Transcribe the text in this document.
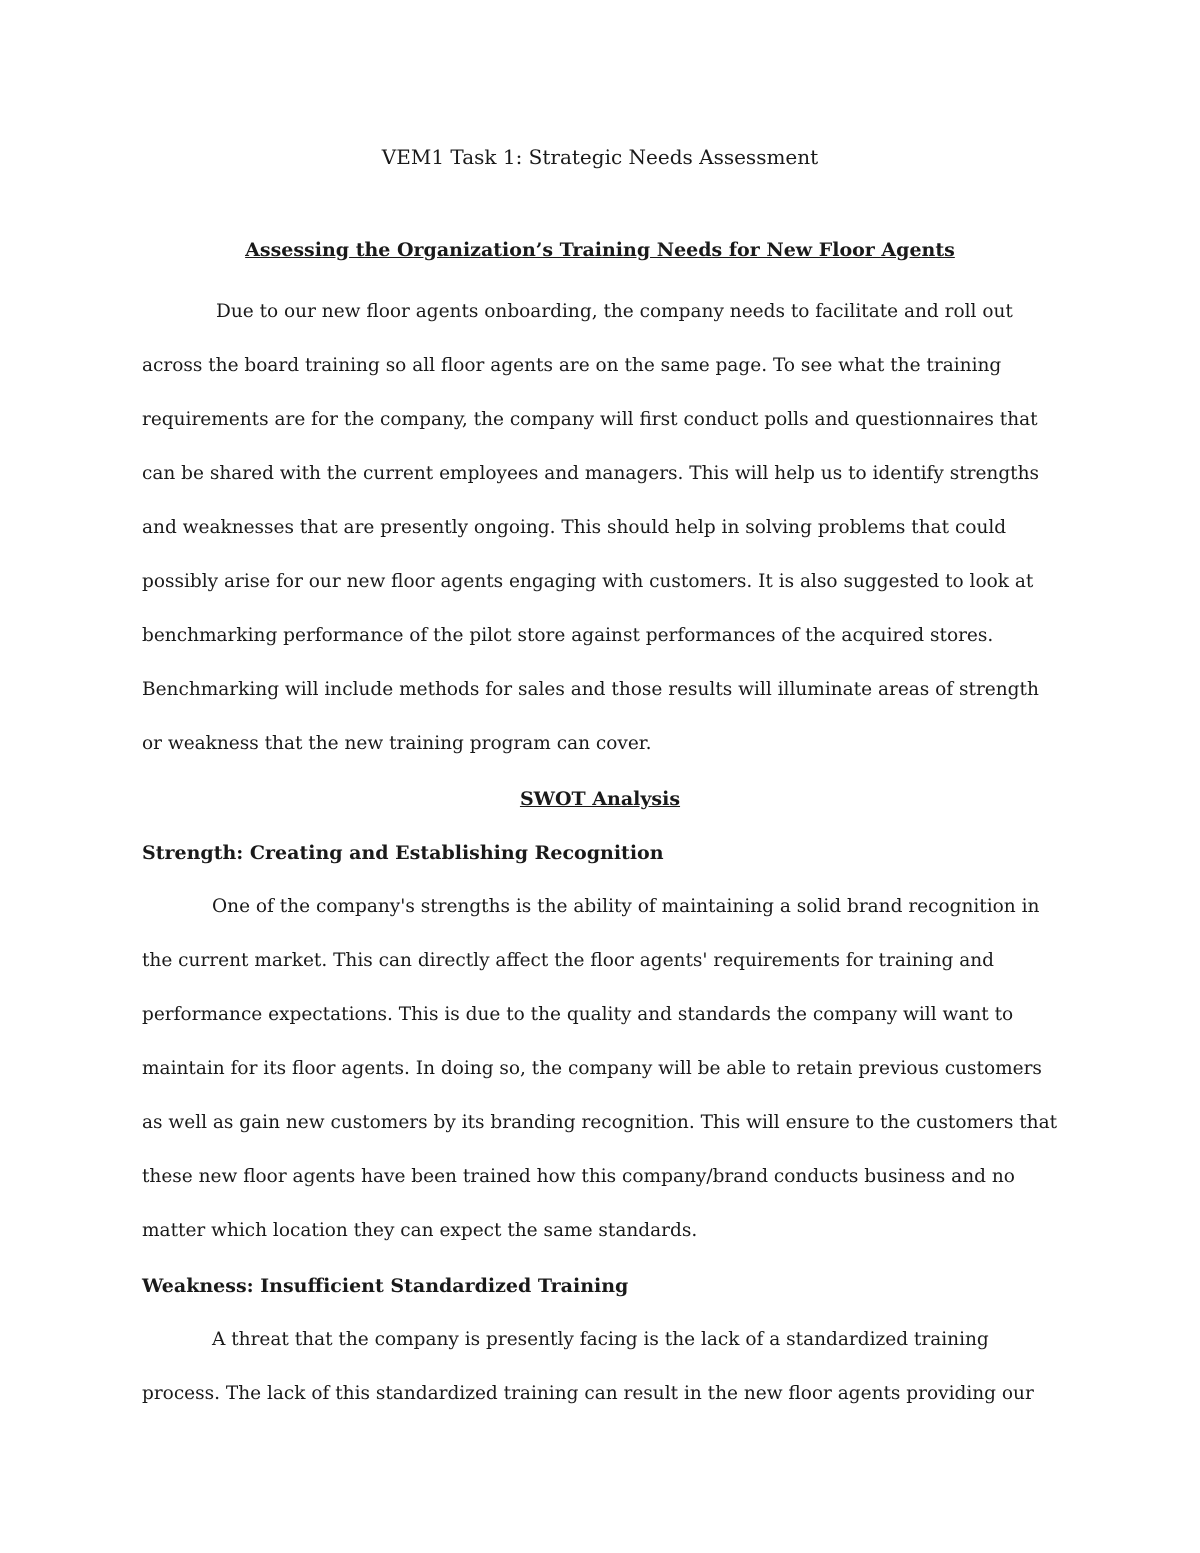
VEM1 Task 1: Strategic Needs Assessment
Assessing the Organization’s Training Needs for New Floor Agents
Due to our new floor agents onboarding, the company needs to facilitate and roll out
across the board training so all floor agents are on the same page. To see what the training
requirements are for the company, the company will first conduct polls and questionnaires that
can be shared with the current employees and managers. This will help us to identify strengths
and weaknesses that are presently ongoing. This should help in solving problems that could
possibly arise for our new floor agents engaging with customers. It is also suggested to look at
benchmarking performance of the pilot store against performances of the acquired stores.
Benchmarking will include methods for sales and those results will illuminate areas of strength
or weakness that the new training program can cover.
SWOT Analysis
Strength: Creating and Establishing Recognition
One of the company's strengths is the ability of maintaining a solid brand recognition in
the current market. This can directly affect the floor agents' requirements for training and
performance expectations. This is due to the quality and standards the company will want to
maintain for its floor agents. In doing so, the company will be able to retain previous customers
as well as gain new customers by its branding recognition. This will ensure to the customers that
these new floor agents have been trained how this company/brand conducts business and no
matter which location they can expect the same standards.
Weakness: Insufficient Standardized Training
A threat that the company is presently facing is the lack of a standardized training
process. The lack of this standardized training can result in the new floor agents providing our
